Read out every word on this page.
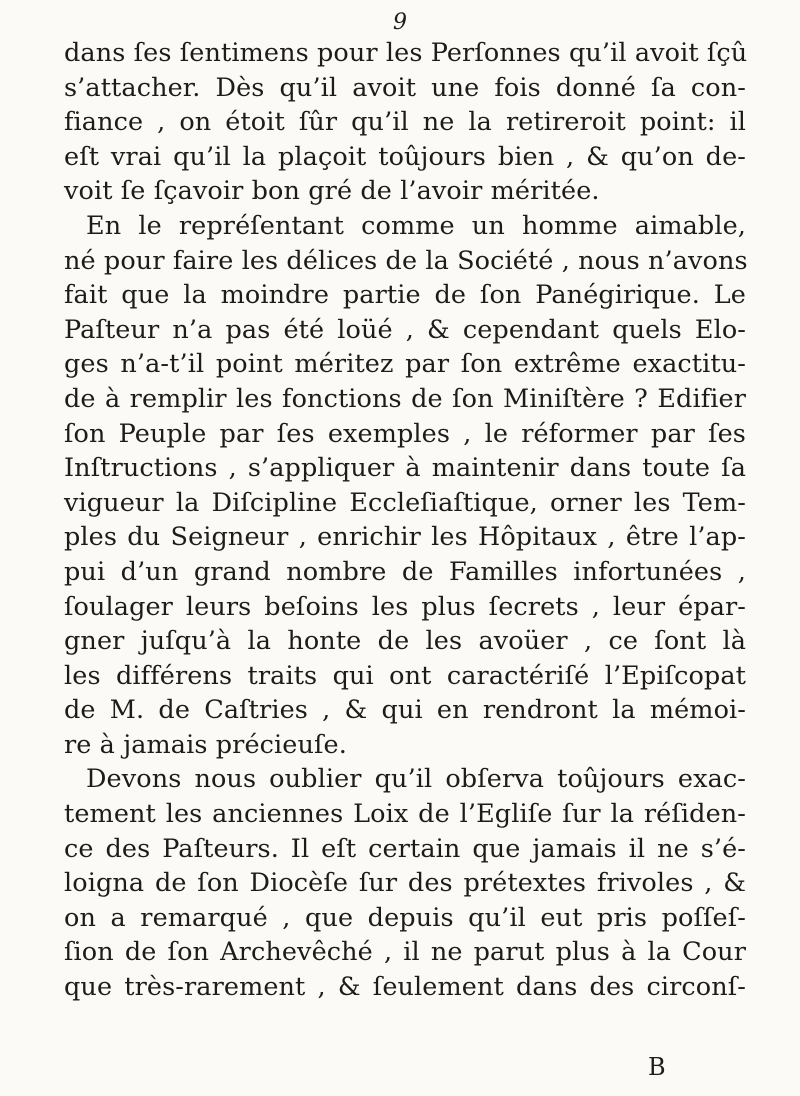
9
dans ſes ſentimens pour les Perſonnes qu’il avoit ſçû
s’attacher. Dès qu’il avoit une fois donné ſa con-
fiance , on étoit ſûr qu’il ne la retireroit point: il
eſt vrai qu’il la plaçoit toûjours bien , & qu’on de-
voit ſe ſçavoir bon gré de l’avoir méritée.
En le repréſentant comme un homme aimable,
né pour faire les délices de la Société , nous n’avons
fait que la moindre partie de ſon Panégirique. Le
Paſteur n’a pas été loüé , & cependant quels Elo-
ges n’a-t’il point méritez par ſon extrême exactitu-
de à remplir les fonctions de ſon Miniſtère ? Edifier
ſon Peuple par ſes exemples , le réformer par ſes
Inſtructions , s’appliquer à maintenir dans toute ſa
vigueur la Diſcipline Eccleſiaſtique, orner les Tem-
ples du Seigneur , enrichir les Hôpitaux , être l’ap-
pui d’un grand nombre de Familles infortunées ,
ſoulager leurs beſoins les plus ſecrets , leur épar-
gner juſqu’à la honte de les avoüer , ce ſont là
les différens traits qui ont caractériſé l’Epiſcopat
de M. de Caſtries , & qui en rendront la mémoi-
re à jamais précieuſe.
Devons nous oublier qu’il obſerva toûjours exac-
tement les anciennes Loix de l’Egliſe ſur la réſiden-
ce des Paſteurs. Il eſt certain que jamais il ne s’é-
loigna de ſon Diocèſe ſur des prétextes frivoles , &
on a remarqué , que depuis qu’il eut pris poſſeſ-
ſion de ſon Archevêché , il ne parut plus à la Cour
que très-rarement , & ſeulement dans des circonſ-
B
